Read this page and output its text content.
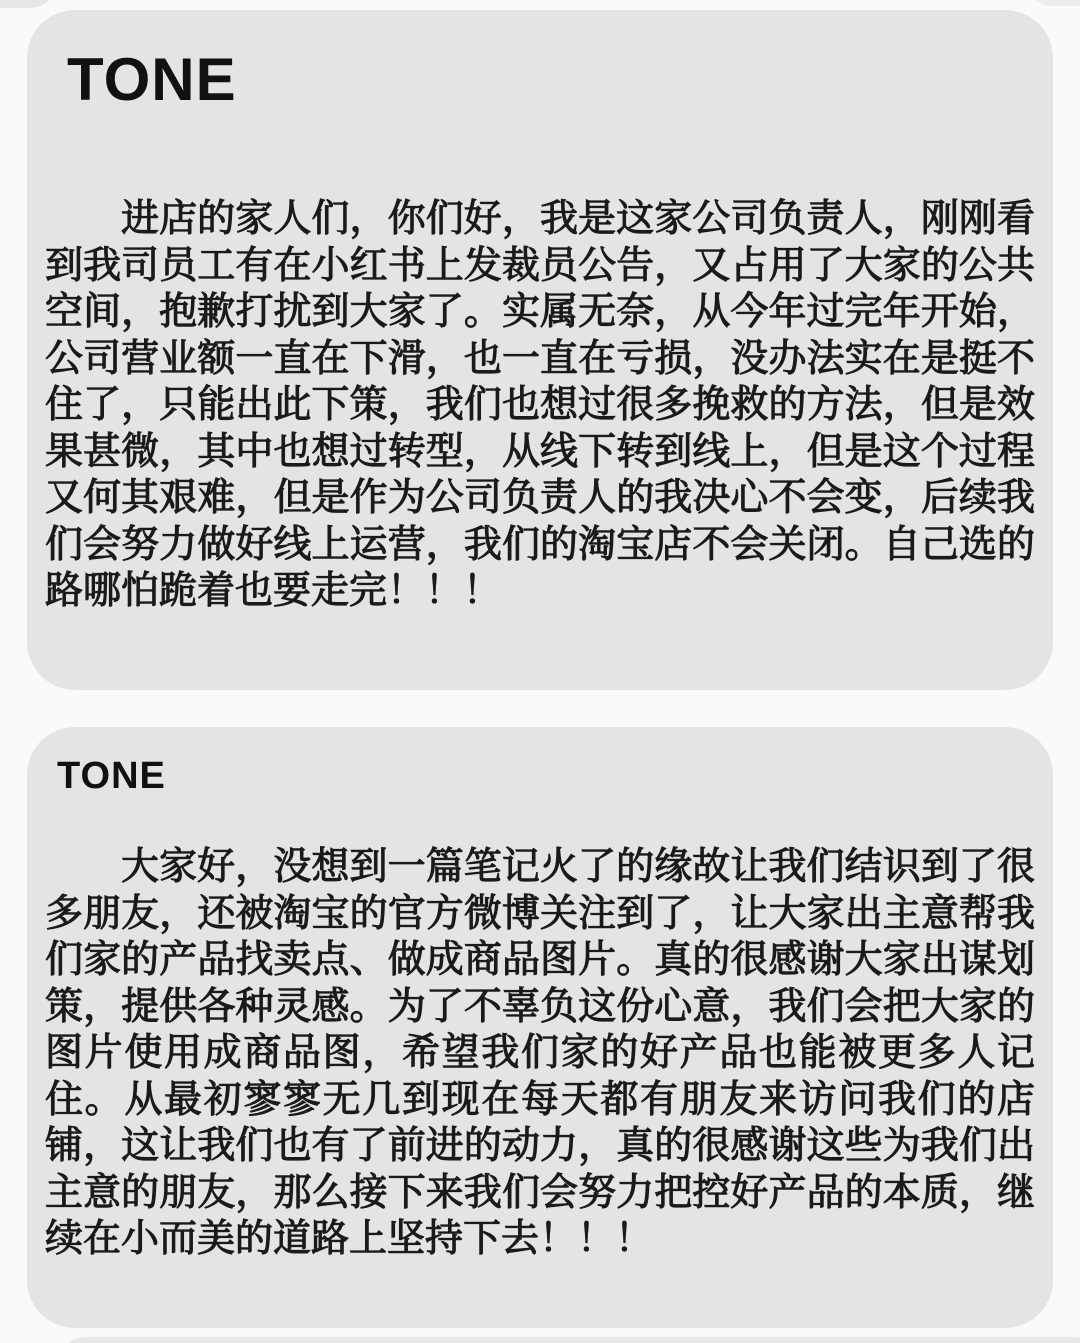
TONE
进店的家人们，你们好，我是这家公司负责人，刚刚看到我司员工有在小红书上发裁员公告，又占用了大家的公共空间，抱歉打扰到大家了。实属无奈，从今年过完年开始，公司营业额一直在下滑，也一直在亏损，没办法实在是挺不住了，只能出此下策，我们也想过很多挽救的方法，但是效果甚微，其中也想过转型，从线下转到线上，但是这个过程又何其艰难，但是作为公司负责人的我决心不会变，后续我们会努力做好线上运营，我们的淘宝店不会关闭。自己选的路哪怕跪着也要走完！！！
TONE
大家好，没想到一篇笔记火了的缘故让我们结识到了很多朋友，还被淘宝的官方微博关注到了，让大家出主意帮我们家的产品找卖点、做成商品图片。真的很感谢大家出谋划策，提供各种灵感。为了不辜负这份心意，我们会把大家的图片使用成商品图，希望我们家的好产品也能被更多人记住。从最初寥寥无几到现在每天都有朋友来访问我们的店铺，这让我们也有了前进的动力，真的很感谢这些为我们出主意的朋友，那么接下来我们会努力把控好产品的本质，继续在小而美的道路上坚持下去！！！
